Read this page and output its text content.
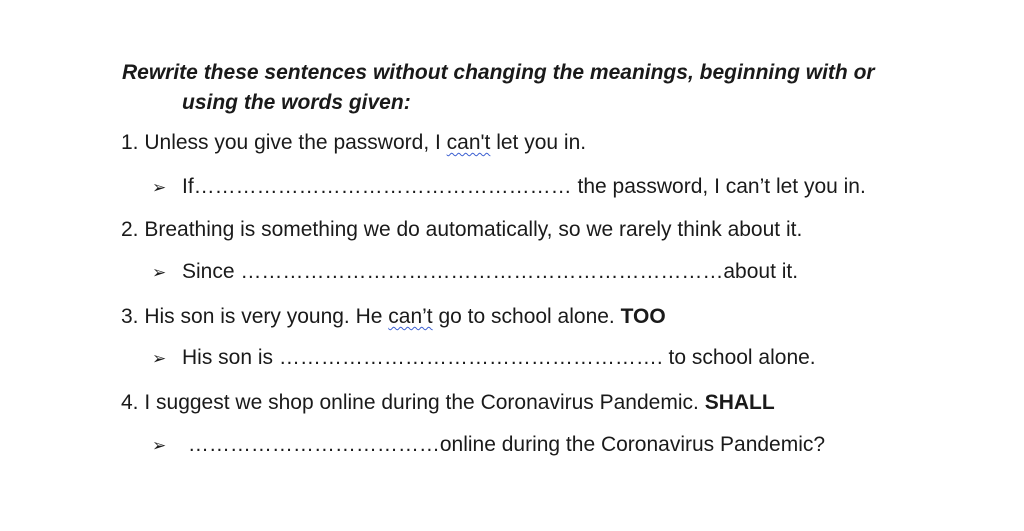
Rewrite these sentences without changing the meanings, beginning with or
using the words given:

1. Unless you give the password, I can't let you in.
➢ If……………………………………………… the password, I can’t let you in.
2. Breathing is something we do automatically, so we rarely think about it.
➢ Since ……………………………………………………………about it.
3. His son is very young. He can’t go to school alone. TOO
➢ His son is ………………………………………………. to school alone.
4. I suggest we shop online during the Coronavirus Pandemic. SHALL
➢ ………………………………online during the Coronavirus Pandemic?
